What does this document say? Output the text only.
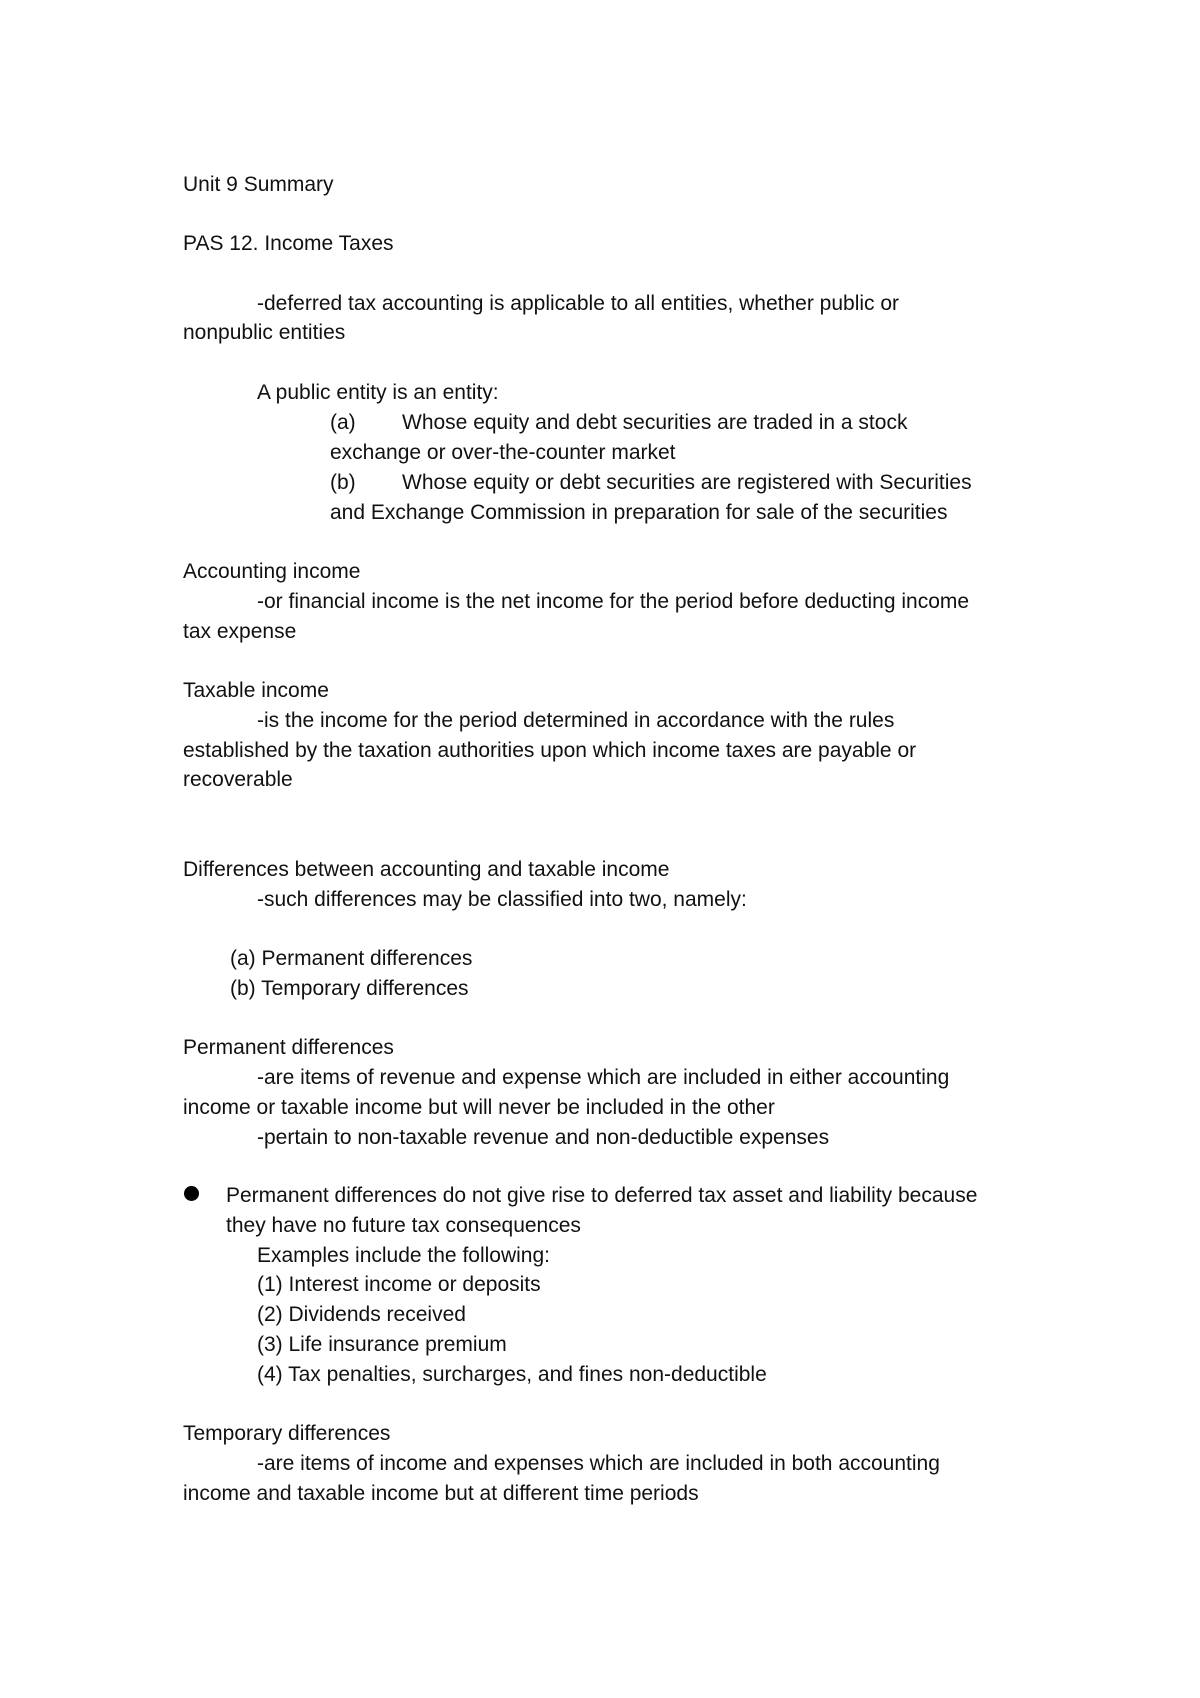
Unit 9 Summary
PAS 12. Income Taxes
-deferred tax accounting is applicable to all entities, whether public or
nonpublic entities
A public entity is an entity:
(a) Whose equity and debt securities are traded in a stock
exchange or over-the-counter market
(b) Whose equity or debt securities are registered with Securities
and Exchange Commission in preparation for sale of the securities
Accounting income
-or financial income is the net income for the period before deducting income
tax expense
Taxable income
-is the income for the period determined in accordance with the rules
established by the taxation authorities upon which income taxes are payable or
recoverable
Differences between accounting and taxable income
-such differences may be classified into two, namely:
(a) Permanent differences
(b) Temporary differences
Permanent differences
-are items of revenue and expense which are included in either accounting
income or taxable income but will never be included in the other
-pertain to non-taxable revenue and non-deductible expenses
Permanent differences do not give rise to deferred tax asset and liability because
they have no future tax consequences
Examples include the following:
(1) Interest income or deposits
(2) Dividends received
(3) Life insurance premium
(4) Tax penalties, surcharges, and fines non-deductible
Temporary differences
-are items of income and expenses which are included in both accounting
income and taxable income but at different time periods
